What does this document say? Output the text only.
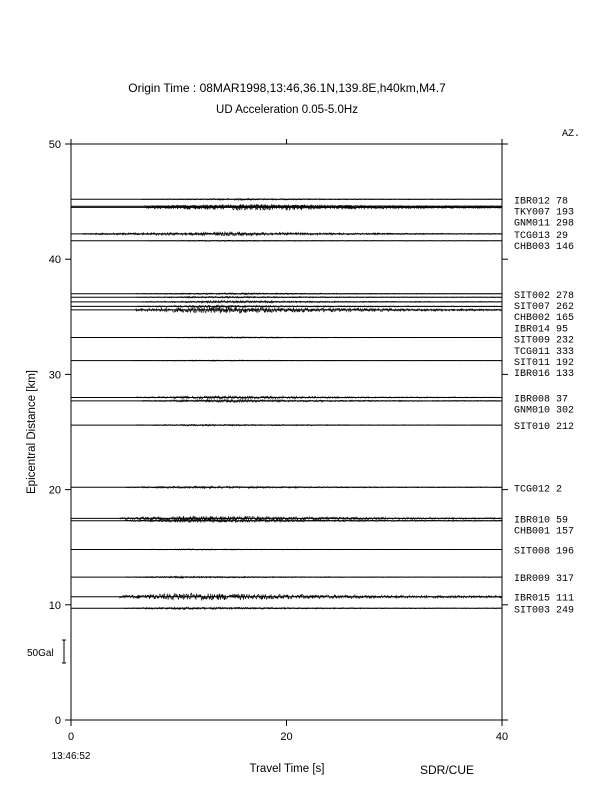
Origin Time : 08MAR1998,13:46,36.1N,139.8E,h40km,M4.7
UD Acceleration 0.05-5.0Hz
AZ.
0
10
20
30
40
50
0	20	40
IBR012 78
TKY007 193
GNM011 298
TCG013 29
CHB003 146
SIT002 278
SIT007 262
CHB002 165
IBR014 95
SIT009 232
TCG011 333
SIT011 192
IBR016 133
IBR008 37
GNM010 302
SIT010 212
TCG012 2
IBR010 59
CHB001 157
SIT008 196
IBR009 317
IBR015 111
SIT003 249
Epicentral Distance [km]
Travel Time [s]
13:46:52
SDR/CUE
50Gal
